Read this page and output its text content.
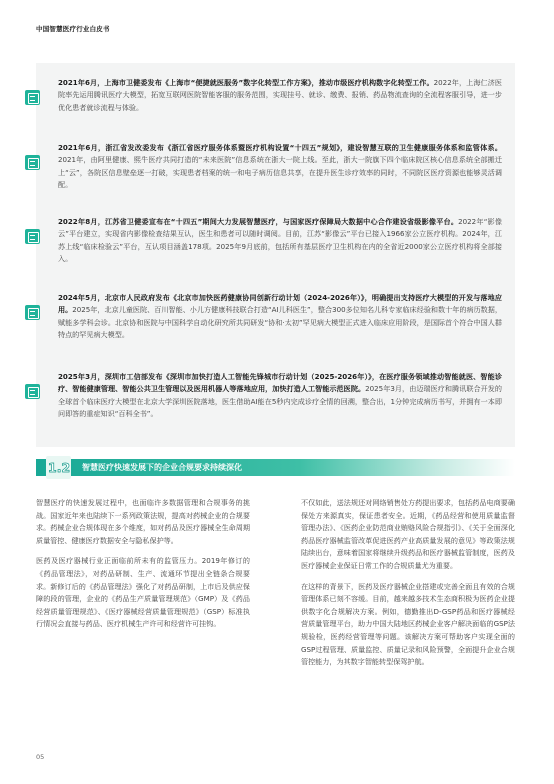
中国智慧医疗行业白皮书
2021年6月，上海市卫健委发布《上海市“便捷就医服务”数字化转型工作方案》，推动市级医疗机构数字化转型工作。2022年，上海仁济医院率先运用腾讯医疗大模型，拓宽互联网医院智能客服的服务范围，实现挂号、就诊、缴费、报销、药品物流查询的全流程客服引导，进一步优化患者就诊流程与体验。
2021年6月，浙江省发改委发布《浙江省医疗服务体系暨医疗机构设置“十四五”规划》，建设智慧互联的卫生健康服务体系和监管体系。2021年，由阿里健康、熙牛医疗共同打造的“未来医院”信息系统在浙大一院上线。至此，浙大一院旗下四个临床院区核心信息系统全部搬迁上“云”，各院区信息壁垒逐一打破，实现患者档案的统一和电子病历信息共享，在提升医生诊疗效率的同时，不同院区医疗资源也能够灵活调配。
2022年8月，江苏省卫健委宣布在“十四五”期间大力发展智慧医疗，与国家医疗保障局大数据中心合作建设省级影像平台。2022年“影像云”平台建立，实现省内影像检查结果互认，医生和患者可以随时调阅。目前，江苏“影像云”平台已接入1966家公立医疗机构。2024年，江苏上线“临床检验云”平台，互认项目涵盖178项。2025年9月底前，包括所有基层医疗卫生机构在内的全省近2000家公立医疗机构将全部接入。
2024年5月，北京市人民政府发布《北京市加快医药健康协同创新行动计划（2024-2026年）》，明确提出支持医疗大模型的开发与落地应用。2025年，北京儿童医院、百川智能、小儿方健康科技联合打造“AI儿科医生”，整合300多位知名儿科专家临床经验和数十年的病历数据，赋能多学科会诊。北京协和医院与中国科学自动化研究所共同研发“协和·太初”罕见病大模型正式进入临床应用阶段，是国际首个符合中国人群特点的罕见病大模型。
2025年3月，深圳市工信部发布《深圳市加快打造人工智能先锋城市行动计划（2025-2026年）》，在医疗服务领域推动智能就医、智能诊疗、智能健康管理、智能公共卫生管理以及医用机器人等落地应用，加快打造人工智能示范医院。2025年3月，由迈瑞医疗和腾讯联合开发的全球首个临床医疗大模型在北京大学深圳医院落地，医生借助AI能在5秒内完成诊疗全情的回溯，整合出，1分钟完成病历书写，并拥有一本即问即答的重症知识“百科全书”。
1.2 智慧医疗快速发展下的企业合规要求持续深化

智慧医疗的快速发展过程中，也面临许多数据管理和合规事务的挑战。国家近年来也陆续下一系列政策法规，提高对药械企业的合规要求。药械企业合规体现在多个维度，如对药品及医疗器械全生命周期质量管控、健康医疗数据安全与隐私保护等。

医药及医疗器械行业正面临前所未有的监管压力。2019年修订的《药品管理法》，对药品研制、生产、流通环节提出全链条合规要求。新修订后的《药品管理法》强化了对药品研制，上市后及供应保障的段的管理，企业的《药品生产质量管理规范》（GMP）及《药品经营质量管理规范》、《医疗器械经营质量管理规范》（GSP）标准执行情况会直接与药品、医疗机械生产许可和经营许可挂钩。

不仅如此，送法规还对网络销售处方药提出要求，包括药品电商要确保处方来源真实，保证患者安全。近期，《药品经营和使用质量监督管理办法》、《医药企业防范商业贿赂风险合规指引》、《关于全面深化药品医疗器械监管改革促进医药产业高质量发展的意见》等政策法规陆续出台，意味着国家将继续升级药品和医疗器械监管制度，医药及医疗器械企业保证日常工作的合规质量尤为重要。

在这样的背景下，医药及医疗器械企业搭建或完善全面且有效的合规管理体系已刻不容缓。目前，越来越多技术生态商积极为医药企业提供数字化合规解决方案。例如，德勤推出D-GSP药品和医疗器械经营质量管理平台，助力中国大陆地区药械企业客户解决面临的GSP法规验检，医药经营管理等问题。该解决方案可帮助客户实现全面的GSP过程管理、质量监控、质量记录和风险预警，全面提升企业合规管控能力，为其数字智能转型保驾护航。

05
